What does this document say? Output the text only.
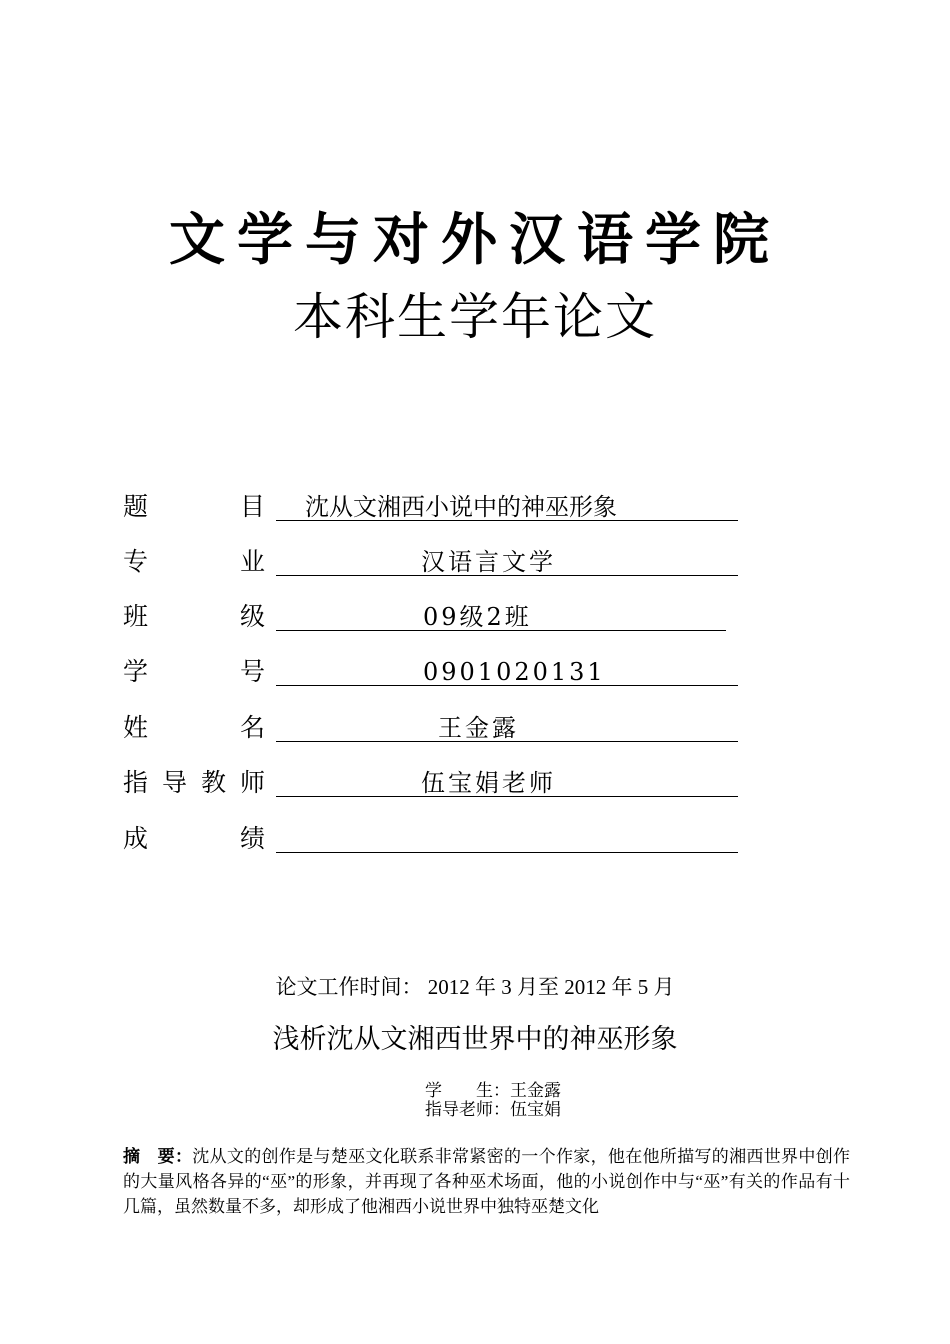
文学与对外汉语学院
本科生学年论文
题	目 沈从文湘西小说中的神巫形象
专	业	汉语言文学
班	级	09级2班
学	号	0901020131
姓	名	王金露
指 导 教 师	伍宝娟老师
成	绩
论文工作时间： 2012 年 3 月至 2012 年 5 月
浅析沈从文湘西世界中的神巫形象
学　　生：王金露
指导老师：伍宝娟
摘　要：沈从文的创作是与楚巫文化联系非常紧密的一个作家，他在他所描写的湘西世界中创作的大量风格各异的“巫”的形象，并再现了各种巫术场面，他的小说创作中与“巫”有关的作品有十几篇，虽然数量不多，却形成了他湘西小说世界中独特巫楚文化
